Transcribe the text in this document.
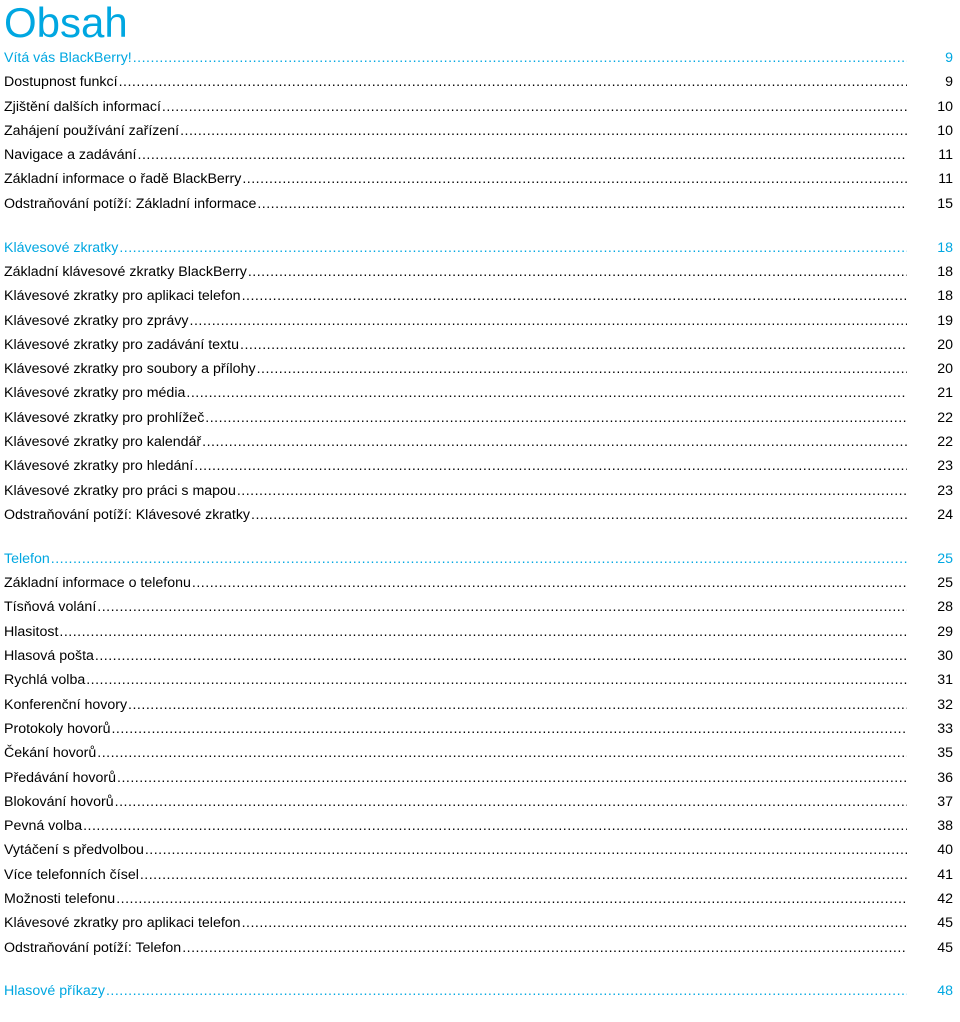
Obsah
Vítá vás BlackBerry! .....	9
Dostupnost funkcí .....	9
Zjištění dalších informací .....	10
Zahájení používání zařízení .....	10
Navigace a zadávání .....	11
Základní informace o řadě BlackBerry .....	11
Odstraňování potíží: Základní informace .....	15
Klávesové zkratky .....	18
Základní klávesové zkratky BlackBerry .....	18
Klávesové zkratky pro aplikaci telefon .....	18
Klávesové zkratky pro zprávy .....	19
Klávesové zkratky pro zadávání textu .....	20
Klávesové zkratky pro soubory a přílohy .....	20
Klávesové zkratky pro média .....	21
Klávesové zkratky pro prohlížeč .....	22
Klávesové zkratky pro kalendář .....	22
Klávesové zkratky pro hledání .....	23
Klávesové zkratky pro práci s mapou .....	23
Odstraňování potíží: Klávesové zkratky .....	24
Telefon .....	25
Základní informace o telefonu .....	25
Tísňová volání .....	28
Hlasitost .....	29
Hlasová pošta .....	30
Rychlá volba .....	31
Konferenční hovory .....	32
Protokoly hovorů .....	33
Čekání hovorů .....	35
Předávání hovorů .....	36
Blokování hovorů .....	37
Pevná volba .....	38
Vytáčení s předvolbou .....	40
Více telefonních čísel .....	41
Možnosti telefonu .....	42
Klávesové zkratky pro aplikaci telefon .....	45
Odstraňování potíží: Telefon .....	45
Hlasové příkazy .....	48
